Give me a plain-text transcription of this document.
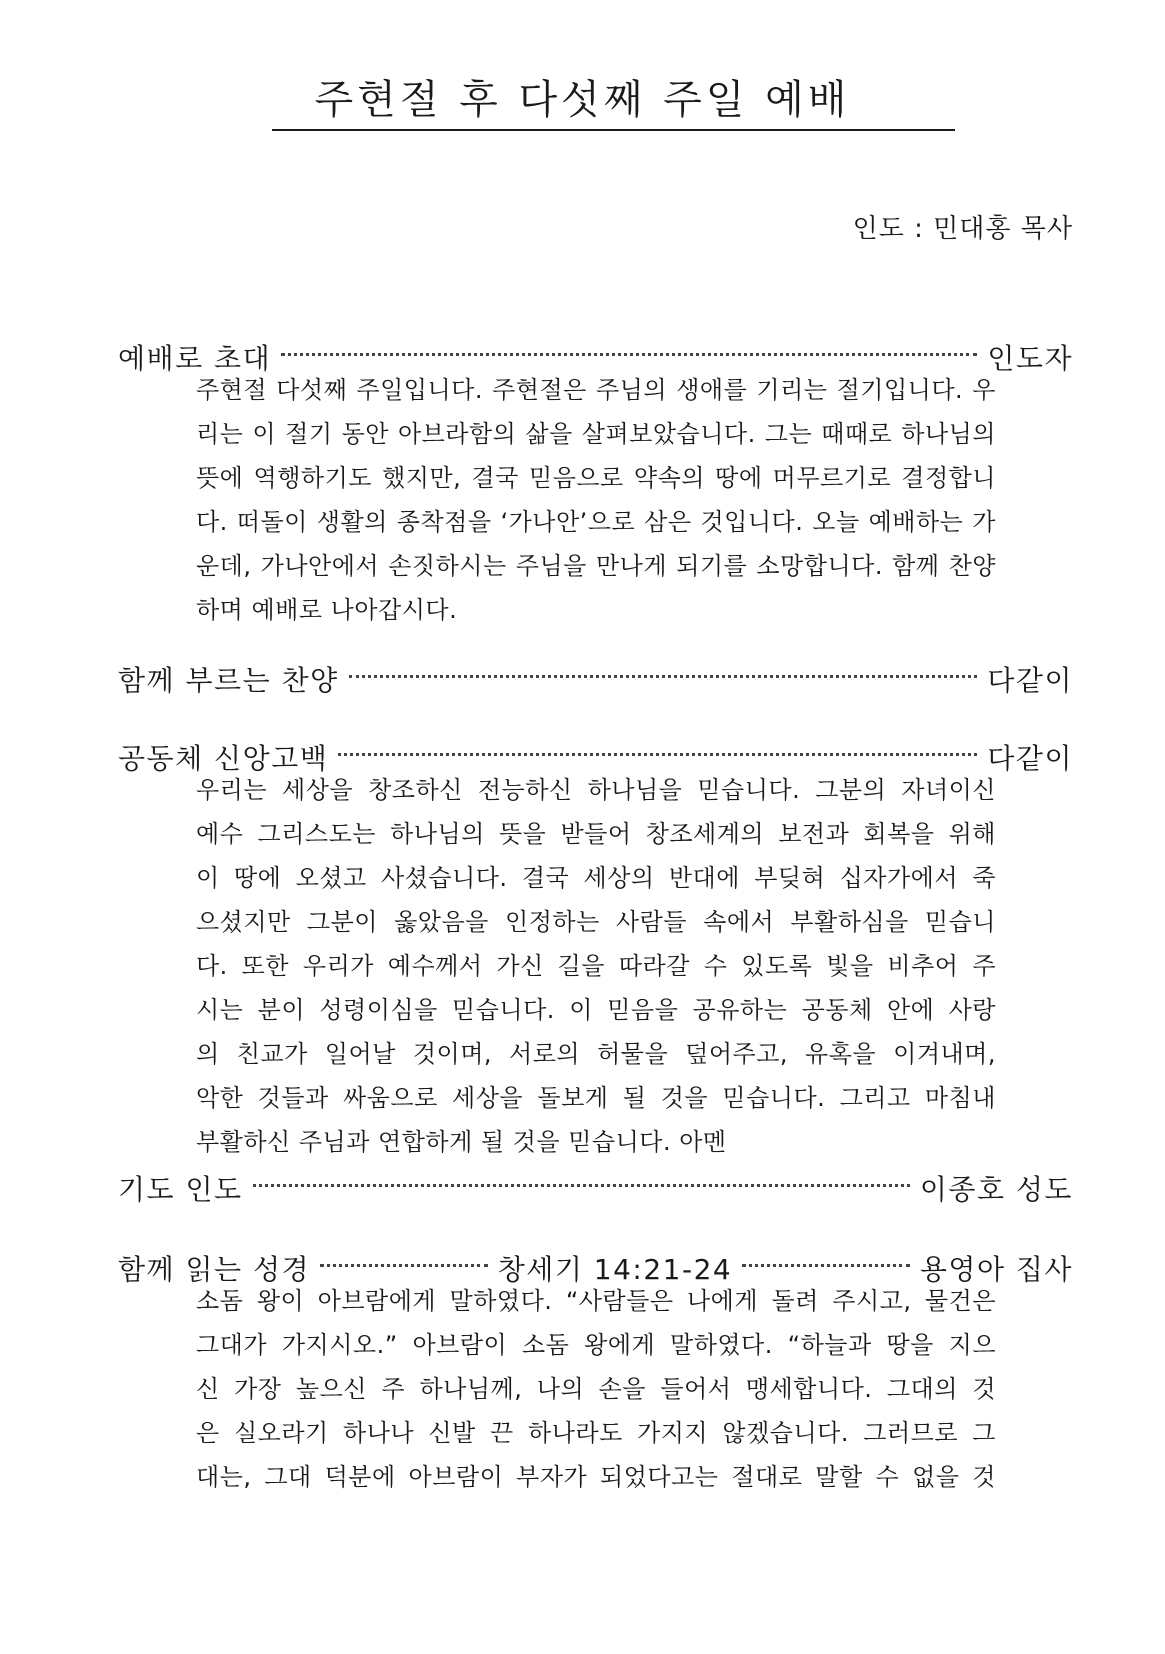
주현절 후 다섯째 주일 예배
인도 : 민대홍 목사
예배로 초대	인도자

주현절 다섯째 주일입니다. 주현절은 주님의 생애를 기리는 절기입니다. 우
리는 이 절기 동안 아브라함의 삶을 살펴보았습니다. 그는 때때로 하나님의
뜻에 역행하기도 했지만, 결국 믿음으로 약속의 땅에 머무르기로 결정합니
다. 떠돌이 생활의 종착점을 ‘가나안’으로 삼은 것입니다. 오늘 예배하는 가
운데, 가나안에서 손짓하시는 주님을 만나게 되기를 소망합니다. 함께 찬양
하며 예배로 나아갑시다.

함께 부르는 찬양	다같이
공동체 신앙고백	다같이

우리는 세상을 창조하신 전능하신 하나님을 믿습니다. 그분의 자녀이신
예수 그리스도는 하나님의 뜻을 받들어 창조세계의 보전과 회복을 위해
이 땅에 오셨고 사셨습니다. 결국 세상의 반대에 부딪혀 십자가에서 죽
으셨지만 그분이 옳았음을 인정하는 사람들 속에서 부활하심을 믿습니
다. 또한 우리가 예수께서 가신 길을 따라갈 수 있도록 빛을 비추어 주
시는 분이 성령이심을 믿습니다. 이 믿음을 공유하는 공동체 안에 사랑
의 친교가 일어날 것이며, 서로의 허물을 덮어주고, 유혹을 이겨내며,
악한 것들과 싸움으로 세상을 돌보게 될 것을 믿습니다. 그리고 마침내
부활하신 주님과 연합하게 될 것을 믿습니다. 아멘

기도 인도	이종호 성도
함께 읽는 성경	창세기 14:21-24	용영아 집사

소돔 왕이 아브람에게 말하였다. “사람들은 나에게 돌려 주시고, 물건은
그대가 가지시오.” 아브람이 소돔 왕에게 말하였다. “하늘과 땅을 지으
신 가장 높으신 주 하나님께, 나의 손을 들어서 맹세합니다. 그대의 것
은 실오라기 하나나 신발 끈 하나라도 가지지 않겠습니다. 그러므로 그
대는, 그대 덕분에 아브람이 부자가 되었다고는 절대로 말할 수 없을 것
